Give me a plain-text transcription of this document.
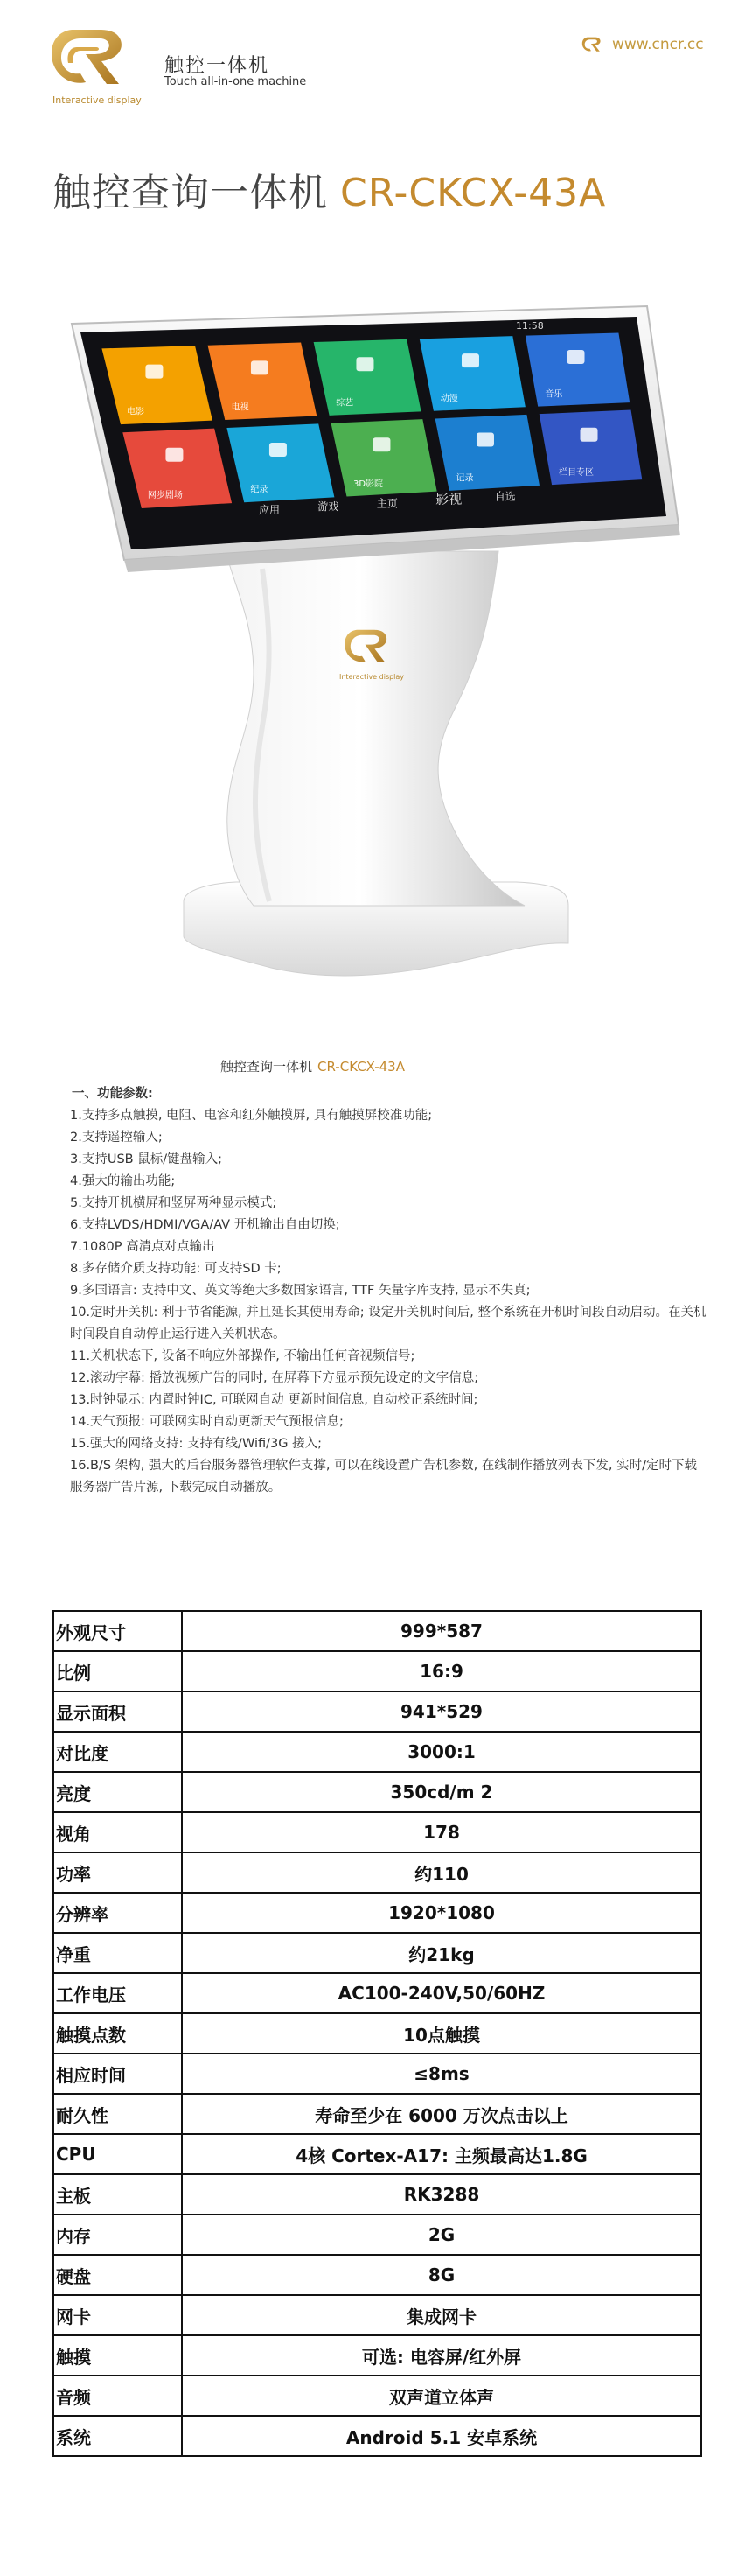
Interactive display
触控一体机
Touch all-in-one machine
www.cncr.cc
触控查询一体机 CR-CKCX-43A
Interactive display
电影	电视	综艺	动漫	音乐
网步剧场
纪录
3D影院
记录
栏目专区
应用	游戏	主页	影视	自选
11:58
触控查询一体机 CR-CKCX-43A
一、功能参数:
1.支持多点触摸, 电阻、电容和红外触摸屏, 具有触摸屏校准功能;
2.支持遥控输入;
3.支持USB 鼠标/键盘输入;
4.强大的输出功能;
5.支持开机横屏和竖屏两种显示模式;
6.支持LVDS/HDMI/VGA/AV 开机输出自由切换;
7.1080P 高清点对点输出
8.多存储介质支持功能: 可支持SD 卡;
9.多国语言: 支持中文、英文等绝大多数国家语言, TTF 矢量字库支持, 显示不失真;
10.定时开关机: 利于节省能源, 并且延长其使用寿命; 设定开关机时间后, 整个系统在开机时间段自动启动。在关机时间段自自动停止运行进入关机状态。
11.关机状态下, 设备不响应外部操作, 不输出任何音视频信号;
12.滚动字幕: 播放视频广告的同时, 在屏幕下方显示预先设定的文字信息;
13.时钟显示: 内置时钟IC, 可联网自动 更新时间信息, 自动校正系统时间;
14.天气预报: 可联网实时自动更新天气预报信息;
15.强大的网络支持: 支持有线/Wifi/3G 接入;
16.B/S 架构, 强大的后台服务器管理软件支撑, 可以在线设置广告机参数, 在线制作播放列表下发, 实时/定时下载服务器广告片源, 下载完成自动播放。
外观尺寸	999*587
比例	16:9
显示面积	941*529
对比度	3000:1
亮度	350cd/m 2
视角	178
功率	约110
分辨率	1920*1080
净重	约21kg
工作电压	AC100-240V,50/60HZ
触摸点数	10点触摸
相应时间	≤8ms
耐久性	寿命至少在 6000 万次点击以上
CPU	4核 Cortex-A17: 主频最高达1.8G
主板	RK3288
内存	2G
硬盘	8G
网卡	集成网卡
触摸	可选: 电容屏/红外屏
音频	双声道立体声
系统	Android 5.1 安卓系统
